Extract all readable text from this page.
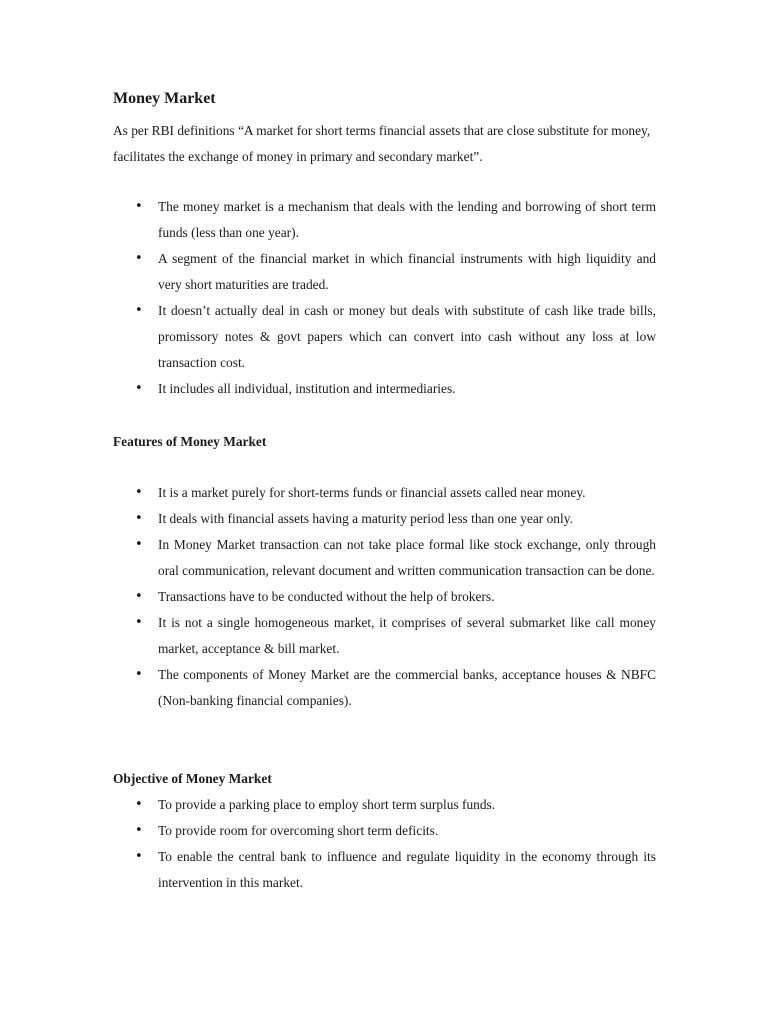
Money Market

As per RBI definitions “A market for short terms financial assets that are close substitute for money, facilitates the exchange of money in primary and secondary market”.

• The money market is a mechanism that deals with the lending and borrowing of short term funds (less than one year).
• A segment of the financial market in which financial instruments with high liquidity and very short maturities are traded.
• It doesn’t actually deal in cash or money but deals with substitute of cash like trade bills, promissory notes & govt papers which can convert into cash without any loss at low transaction cost.
• It includes all individual, institution and intermediaries.
Features of Money Market
• It is a market purely for short-terms funds or financial assets called near money.
• It deals with financial assets having a maturity period less than one year only.
• In Money Market transaction can not take place formal like stock exchange, only through oral communication, relevant document and written communication transaction can be done.
• Transactions have to be conducted without the help of brokers.
• It is not a single homogeneous market, it comprises of several submarket like call money market, acceptance & bill market.
• The components of Money Market are the commercial banks, acceptance houses & NBFC (Non-banking financial companies).
Objective of Money Market
• To provide a parking place to employ short term surplus funds.
• To provide room for overcoming short term deficits.
• To enable the central bank to influence and regulate liquidity in the economy through its intervention in this market.
